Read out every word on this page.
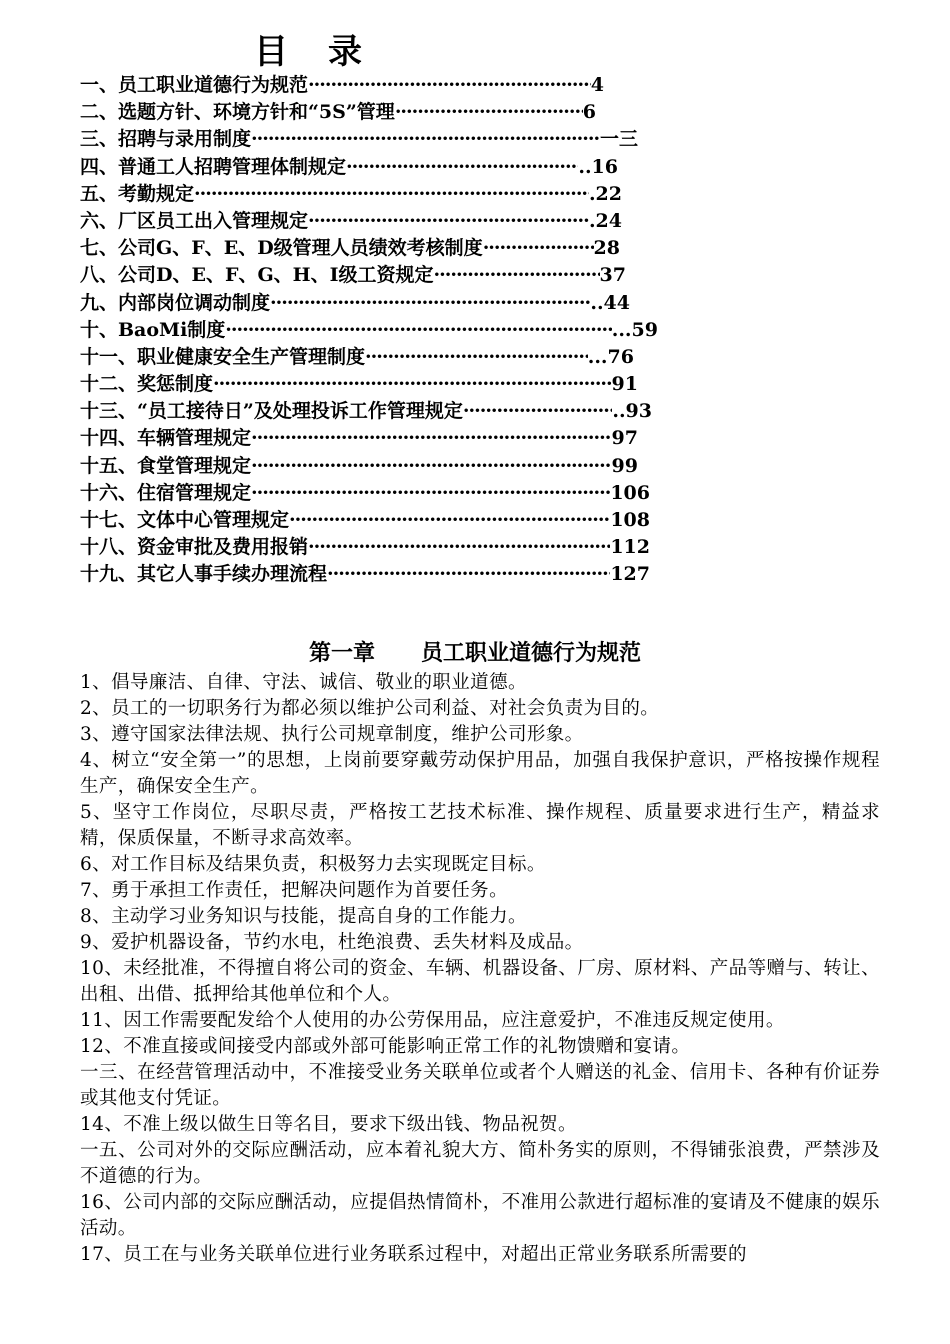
目录
一、员工职业道德行为规范 ·····	4
二、选题方针、环境方针和“5S”管理 ·····	6
三、招聘与录用制度 ·····	一三
四、普通工人招聘管理体制规定 ·····	..16
五、考勤规定 ·····	.22
六、厂区员工出入管理规定 ·····	.24
七、公司G、F、E、D级管理人员绩效考核制度 ·····	28
八、公司D、E、F、G、H、I级工资规定 ·····	37
九、内部岗位调动制度 ·····	..44
十、BaoMi制度 ·····	...59
十一、职业健康安全生产管理制度 ·····	...76
十二、奖惩制度 ·····	91
十三、“员工接待日”及处理投诉工作管理规定 ·····	..93
十四、车辆管理规定 ·····	97
十五、食堂管理规定 ·····	99
十六、住宿管理规定 ·····	106
十七、文体中心管理规定 ·····	108
十八、资金审批及费用报销 ·····	112
十九、其它人事手续办理流程 ·····	127
第一章 员工职业道德行为规范

1、倡导廉洁、自律、守法、诚信、敬业的职业道德。

2、员工的一切职务行为都必须以维护公司利益、对社会负责为目的。

3、遵守国家法律法规、执行公司规章制度，维护公司形象。

4、树立“安全第一”的思想，上岗前要穿戴劳动保护用品，加强自我保护意识，严格按操作规程生产，确保安全生产。

5、坚守工作岗位，尽职尽责，严格按工艺技术标准、操作规程、质量要求进行生产，精益求精，保质保量，不断寻求高效率。

6、对工作目标及结果负责，积极努力去实现既定目标。

7、勇于承担工作责任，把解决问题作为首要任务。

8、主动学习业务知识与技能，提高自身的工作能力。

9、爱护机器设备，节约水电，杜绝浪费、丢失材料及成品。

10、未经批准，不得擅自将公司的资金、车辆、机器设备、厂房、原材料、产品等赠与、转让、出租、出借、抵押给其他单位和个人。

11、因工作需要配发给个人使用的办公劳保用品，应注意爱护，不准违反规定使用。

12、不准直接或间接受内部或外部可能影响正常工作的礼物馈赠和宴请。

一三、在经营管理活动中，不准接受业务关联单位或者个人赠送的礼金、信用卡、各种有价证券或其他支付凭证。

14、不准上级以做生日等名目，要求下级出钱、物品祝贺。

一五、公司对外的交际应酬活动，应本着礼貌大方、简朴务实的原则，不得铺张浪费，严禁涉及不道德的行为。

16、公司内部的交际应酬活动，应提倡热情简朴，不准用公款进行超标准的宴请及不健康的娱乐活动。

17、员工在与业务关联单位进行业务联系过程中，对超出正常业务联系所需要的
